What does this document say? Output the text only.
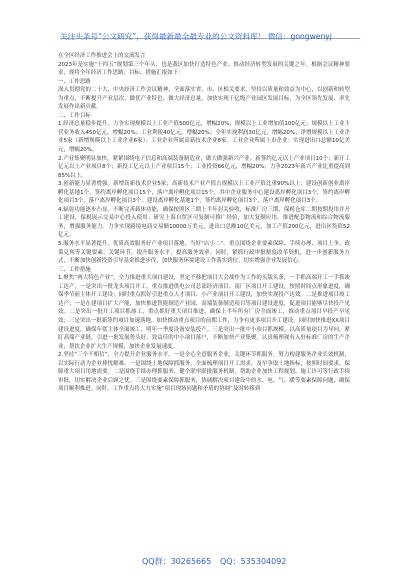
关注头条号“公文研究”，获得最新最全最专业的公文资料库！ 微信：gongwenyj

在全区经济工作推进会上的交流发言

2023年是实施“十四五”规划第三个年头，也是我区加快打造特色产业、推动经济转型发展的关键之年。根据会议精神要求，现将全年经济工作思路、目标、措施汇报如下：

一、工作思路

深入贯彻党的二十大、中央经济工作会议精神，全面落实省、市、区相关要求，坚持以质量和效益为中心，以创新和转型为重点，不断提升产业层次、做优产业特色、做大经济总量，加快实现千亿级产业园区发展目标，为全区领先发展、率先发展作出新贡献。

二、工作目标

1.经济总量稳步提升。力争实现规模以上工业产值500亿元，增幅20%；规模以上工业增加值100亿元；规模以上工业主营业务收入450亿元，增幅20%；工业利税40亿元，增幅20%；全年实现利润30亿元，增幅20%；净增规模以上工业企业5家（新增规模以上工业企业6家）；工业企业所属高新技术企业8家。工业企业所属上市企业：实现进出口总额10亿美元，增幅20%。

2.产业集聚明显加快。紧紧围绕电子信息和高端装备制造业，做大做强新兴产业。新签约亿元以上产业项目10个；新开工亿元以上产业项目8个；新投工亿元以上产业项目15个；工业投资66亿元，增幅20%；力争2023年新兴产业比重提高到85%以上。

3.创新能力显著增强。新增高新技术企业5家；高新技术产业产值占规模以上工业产值比重90%以上；建设创新创业离岸孵化基地1个，签约离岸孵化项目15个，落户离岸孵化项目15个，其中企业服务中心建设离岸孵化项目3个，签约离岸孵化项目3个，落户离岸孵化项目3个。建设离岸孵化基地1个，签约离岸孵化项目3个，落户离岸孵化项目3个。

4.辐射功能逐步凸显。不断完善载体功能，确保按照区三期上半年封关验收，标准厂房三期、保税仓库二期按期投用并开工建设，保税展示交易中心投入使用；研究上海自贸区可复制可推广经验，加大复制应用。推进配套物流和综合物流服务，增强服务能力。力争实现跨境电商交易额10000万美元，进出口总额10亿美元，加工产值200亿元，进出区货值52亿元。

5.服务水平显著提升。优质高效服务好产业项目落地，当好“店小二”。重点围绕企业要素保障、手续办理、项目上争、政策兑现等关键要素、关键环节，提升服务水平，提高服务效率。同时，紧抓行政审批制度改革契机，进一步创新服务方式，不断加快创新投资引导基金推进步伐，加快服务环境建设工作落实到位，切实增强企业发展信心。

三、工作措施

1.聚焦“两大特色产业”，全力推进重大项目建设，坚定不移把项目大会战作为工作的头版头条，一手抓高端开工一手抓竣工达产，一是突出一批龙头项目开工。重点推进供电公司总部经济项目、南厂区项目开工建设，按照时间点形象进度，确保季节前主体开工建设；同时重点抓好引进重点人才项目、小产业项目开工建设，加快实现投产达效。二是推进项目竣工达产；一是在建项目扩大产能，加快推进智能制造产业园、高端装备制造项目等项目建设进度，促进项目能够尽快投产见效。二是突出一批开工项目抓竣工，重点抓好重大项目推进，确保上半年所有厂房全面竣工，推动重点项目早投产早见效；三是突出一批新签约项目加速落地，加快推动重点项目的前期工作，力争有更多项目开工建设，同时加快推进XX项目建设进度，确保年底主体全面竣工，明年一季度设备安装投产。三是突出一批中小项目抓规模。以高质量项目为导向，紧盯高端产业链，引进一批发展势头好、效益佳的中小项目落户，不断加快产业集聚。认真梳理现有入驻标准厂房的生产企业，帮扶企业扩大生产规模，加快企业发展速度。

2.坚持“三个不相信”，全力提升企业服务水平。一是全心全意服务企业，关键环节抓服务。努力构建服务企业长效机制，以实际行动为企业排忧解难。一是围绕土地保障抓服务，全面梳理项目开工需求，及早争取土地指标，按照时间要求，保障重大项目用地需要。二是围绕手续办理抓服务，健全联审联批服务机制，帮助企业加快工程规划、施工许可等行政手续审批，切实解决企业后顾之忧。三是围绕要素保障抓服务，协调解决项目建设中的水、电、气、暖等要素保障问题，确保项目顺利推进。同时，工作重点将大力实施“项目现场问题和矛盾的协调”及时转移到

QQ群：30265665 QQ：535304092
